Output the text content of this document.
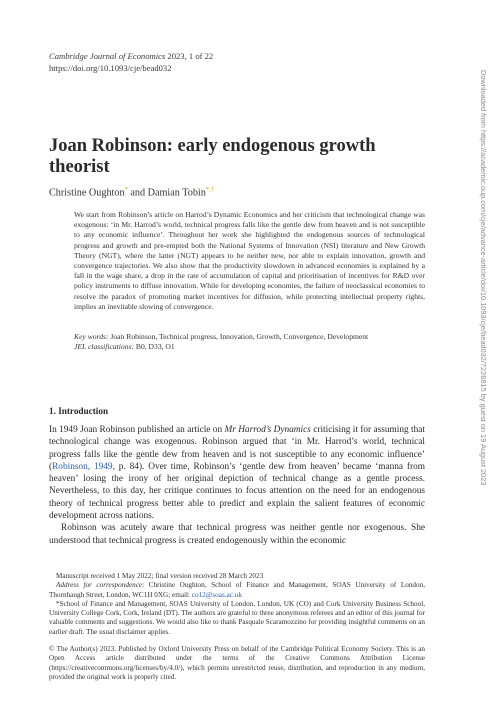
Cambridge Journal of Economics 2023, 1 of 22
https://doi.org/10.1093/cje/bead032
Joan Robinson: early endogenous growth theorist
Christine Oughton* and Damian Tobin*,†
We start from Robinson’s article on Harrod’s Dynamic Economics and her criticism that technological change was exogenous: ‘in Mr. Harrod’s world, technical progress falls like the gentle dew from heaven and is not susceptible to any economic influence’. Throughout her work she highlighted the endogenous sources of technological progress and growth and pre-empted both the National Systems of Innovation (NSI) literature and New Growth Theory (NGT), where the latter (NGT) appears to be neither new, nor able to explain innovation, growth and convergence trajectories. We also show that the productivity slowdown in advanced economies is explained by a fall in the wage share, a drop in the rate of accumulation of capital and prioritisation of incentives for R&D over policy instruments to diffuse innovation. While for developing economies, the failure of neoclassical economies to resolve the paradox of promoting market incentives for diffusion, while protecting intellectual property rights, implies an inevitable slowing of convergence.
Key words: Joan Robinson, Technical progress, Innovation, Growth, Convergence, Development
JEL classifications: B0, D33, O1
1. Introduction

In 1949 Joan Robinson published an article on Mr Harrod’s Dynamics criticising it for assuming that technological change was exogenous. Robinson argued that ‘in Mr. Harrod’s world, technical progress falls like the gentle dew from heaven and is not susceptible to any economic influence’ (Robinson, 1949, p. 84). Over time, Robinson’s ‘gentle dew from heaven’ became ‘manna from heaven’ losing the irony of her original depiction of technical change as a gentle process. Nevertheless, to this day, her critique continues to focus attention on the need for an endogenous theory of technical progress better able to predict and explain the salient features of economic development across nations.

Robinson was acutely aware that technical progress was neither gentle nor exogenous. She understood that technical progress is created endogenously within the economic

Manuscript received 1 May 2022; final version received 28 March 2023

Address for correspondence: Christine Oughton, School of Finance and Management, SOAS University of London, Thornhaugh Street, London, WC1H 0XG; email: co12@soas.ac.uk

*School of Finance and Management, SOAS University of London, London, UK (CO) and Cork University Business School, University College Cork, Cork, Ireland (DT). The authors are grateful to three anonymous referees and an editor of this journal for valuable comments and suggestions. We would also like to thank Pasquale Scaramozzino for providing insightful comments on an earlier draft. The usual disclaimer applies.

© The Author(s) 2023. Published by Oxford University Press on behalf of the Cambridge Political Economy Society. This is an Open Access article distributed under the terms of the Creative Commons Attribution License (https://creativecommons.org/licenses/by/4.0/), which permits unrestricted reuse, distribution, and reproduction in any medium, provided the original work is properly cited.
Downloaded from https://academic.oup.com/cje/advance-article/doi/10.1093/cje/bead032/7226815 by guest on 19 August 2023
